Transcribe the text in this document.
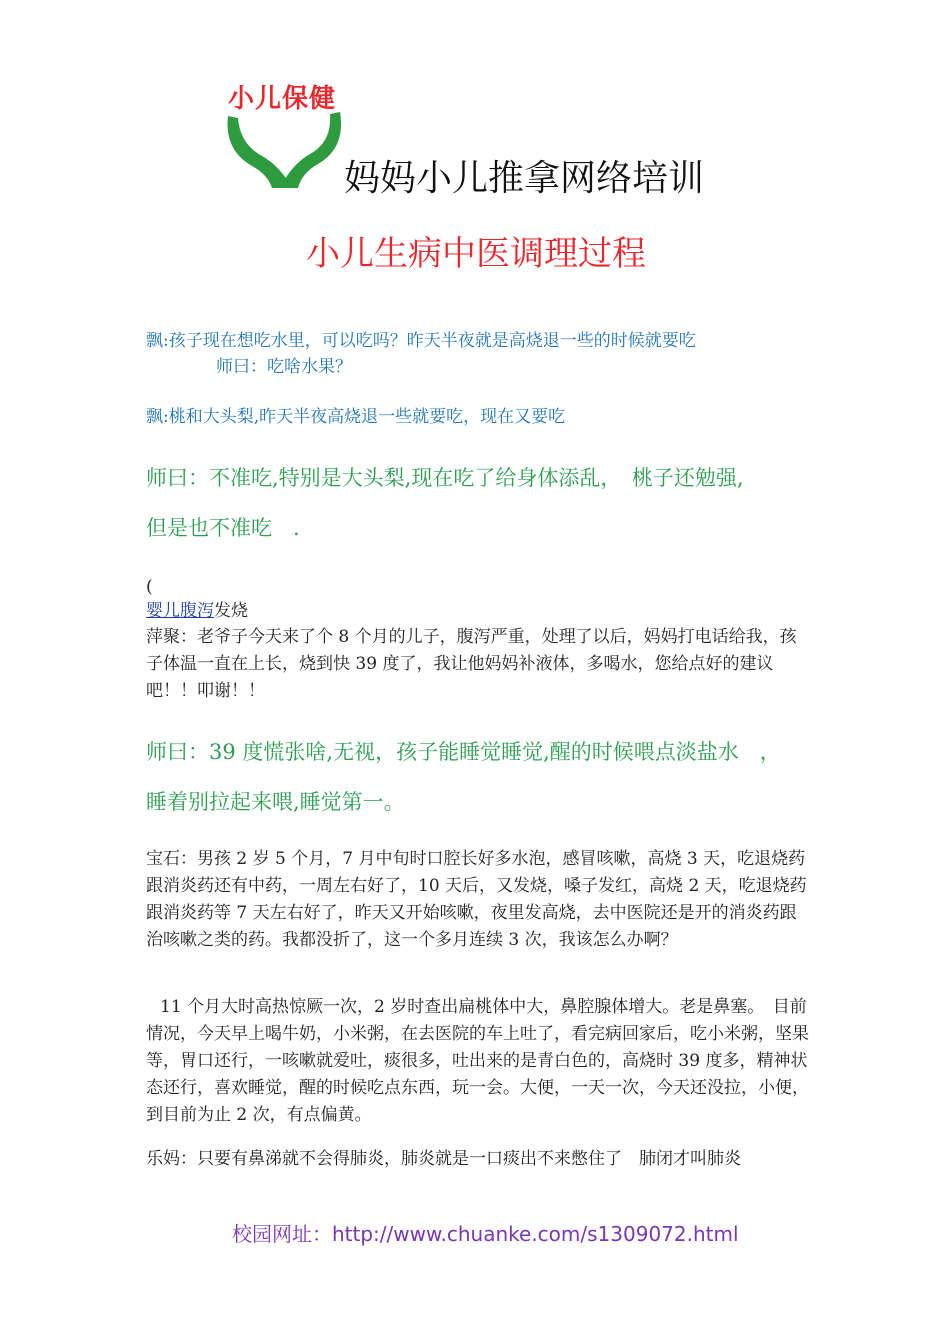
小儿保健
妈妈小儿推拿网络培训
小儿生病中医调理过程
飘:孩子现在想吃水里，可以吃吗？昨天半夜就是高烧退一些的时候就要吃
师曰：吃啥水果？
飘:桃和大头梨,昨天半夜高烧退一些就要吃，现在又要吃
师曰：不准吃,特别是大头梨,现在吃了给身体添乱，　桃子还勉强,
但是也不准吃　.
(
婴儿腹泻发烧
萍聚：老爷子今天来了个 8 个月的儿子，腹泻严重，处理了以后，妈妈打电话给我，孩子体温一直在上长，烧到快 39 度了，我让他妈妈补液体，多喝水，您给点好的建议吧！！叩谢！！
师曰：39 度慌张啥,无视，孩子能睡觉睡觉,醒的时候喂点淡盐水　，
睡着别拉起来喂,睡觉第一。
宝石：男孩 2 岁 5 个月，7 月中旬时口腔长好多水泡，感冒咳嗽，高烧 3 天，吃退烧药跟消炎药还有中药，一周左右好了，10 天后，又发烧，嗓子发红，高烧 2 天，吃退烧药跟消炎药等 7 天左右好了，昨天又开始咳嗽，夜里发高烧，去中医院还是开的消炎药跟治咳嗽之类的药。我都没折了，这一个多月连续 3 次，我该怎么办啊？
11 个月大时高热惊厥一次，2 岁时查出扁桃体中大，鼻腔腺体增大。老是鼻塞。　目前情况，今天早上喝牛奶，小米粥，在去医院的车上吐了，看完病回家后，吃小米粥，坚果等，胃口还行，一咳嗽就爱吐，痰很多，吐出来的是青白色的，高烧时 39 度多，精神状态还行，喜欢睡觉，醒的时候吃点东西，玩一会。大便，一天一次，今天还没拉，小便，到目前为止 2 次，有点偏黄。
乐妈：只要有鼻涕就不会得肺炎，肺炎就是一口痰出不来憋住了　肺闭才叫肺炎
校园网址：http://www.chuanke.com/s1309072.html
